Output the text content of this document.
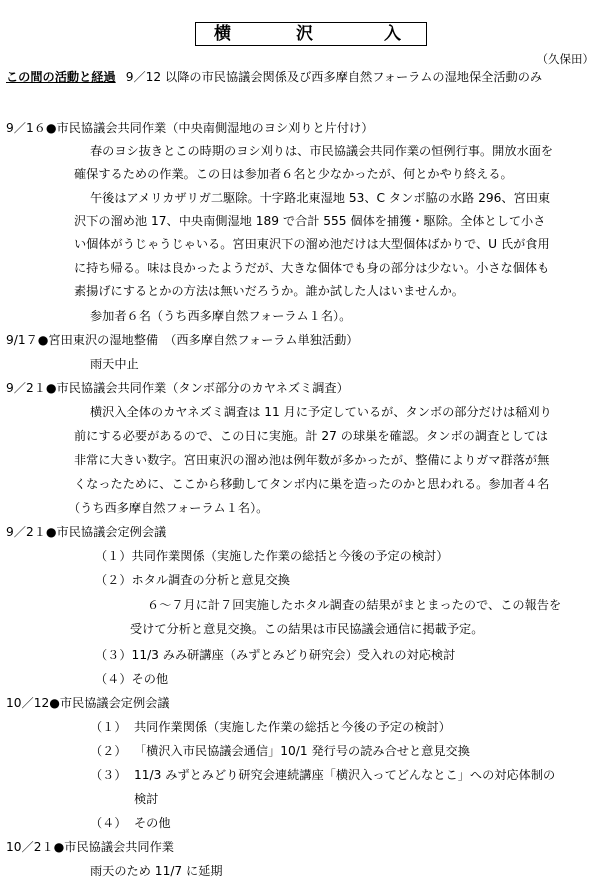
横	沢	入
（久保田）
この間の活動と経過 9／12 以降の市民協議会関係及び西多摩自然フォーラムの湿地保全活動のみ
9／1６●市民協議会共同作業（中央南側湿地のヨシ刈りと片付け）
春のヨシ抜きとこの時期のヨシ刈りは、市民協議会共同作業の恒例行事。開放水面を
確保するための作業。この日は参加者６名と少なかったが、何とかやり終える。
午後はアメリカザリガ二駆除。十字路北東湿地 53、C タンボ脇の水路 296、宮田東
沢下の溜め池 17、中央南側湿地 189 で合計 555 個体を捕獲・駆除。全体として小さ
い個体がうじゃうじゃいる。宮田東沢下の溜め池だけは大型個体ばかりで、U 氏が食用
に持ち帰る。味は良かったようだが、大きな個体でも身の部分は少ない。小さな個体も
素揚げにするとかの方法は無いだろうか。誰か試した人はいませんか。
参加者６名（うち西多摩自然フォーラム１名）。
9/1７●宮田東沢の湿地整備　（西多摩自然フォーラム単独活動）
雨天中止
9／2１●市民協議会共同作業（タンボ部分のカヤネズミ調査）
横沢入全体のカヤネズミ調査は 11 月に予定しているが、タンボの部分だけは稲刈り
前にする必要があるので、この日に実施。計 27 の球巣を確認。タンボの調査としては
非常に大きい数字。宮田東沢の溜め池は例年数が多かったが、整備によりガマ群落が無
くなったために、ここから移動してタンボ内に巣を造ったのかと思われる。参加者４名
（うち西多摩自然フォーラム１名）。
9／2１●市民協議会定例会議
（１）共同作業関係（実施した作業の総括と今後の予定の検討）
（２）ホタル調査の分析と意見交換
６～７月に計７回実施したホタル調査の結果がまとまったので、この報告を
受けて分析と意見交換。この結果は市民協議会通信に掲載予定。
（３）11/3 みみ研講座（みずとみどり研究会）受入れの対応検討
（４）その他
10／12●市民協議会定例会議
（１） 共同作業関係（実施した作業の総括と今後の予定の検討）
（２） 「横沢入市民協議会通信」10/1 発行号の読み合せと意見交換
（３） 11/3 みずとみどり研究会連続講座「横沢入ってどんなとこ」への対応体制の
検討
（４） その他
10／2１●市民協議会共同作業
雨天のため 11/7 に延期
